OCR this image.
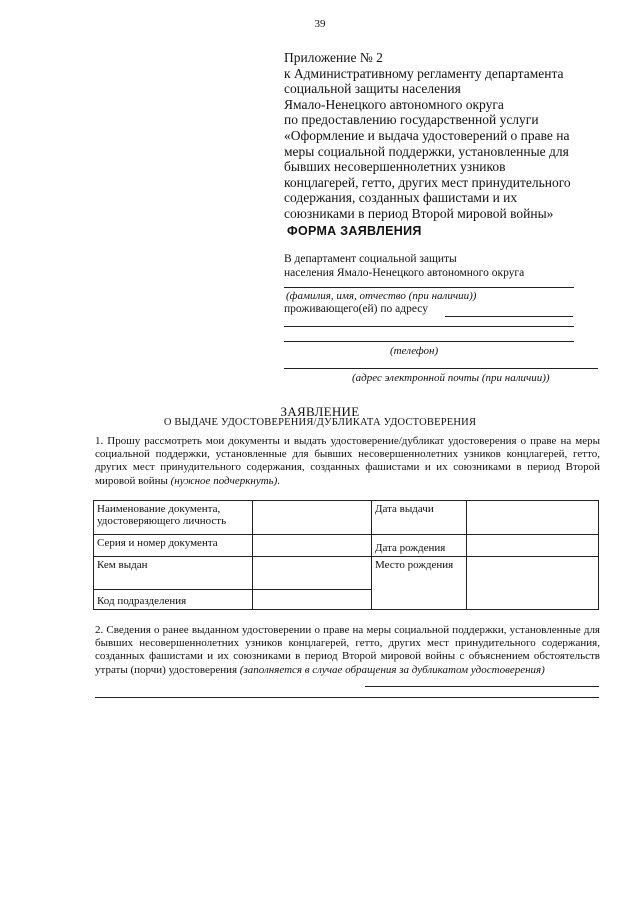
39
Приложение № 2
к Административному регламенту департамента
социальной защиты населения
Ямало-Ненецкого автономного округа
по предоставлению государственной услуги
«Оформление и выдача удостоверений о праве на
меры социальной поддержки, установленные для
бывших несовершеннолетних узников
концлагерей, гетто, других мест принудительного
содержания, созданных фашистами и их
союзниками в период Второй мировой войны»
ФОРМА ЗАЯВЛЕНИЯ
В департамент социальной защиты
населения Ямало-Ненецкого автономного округа
(фамилия, имя, отчество (при наличии))
проживающего(ей) по адресу
(телефон)
(адрес электронной почты (при наличии))
ЗАЯВЛЕНИЕ
О ВЫДАЧЕ УДОСТОВЕРЕНИЯ/ДУБЛИКАТА УДОСТОВЕРЕНИЯ
1. Прошу рассмотреть мои документы и выдать удостоверение/дубликат удостоверения о праве на меры социальной поддержки, установленные для бывших несовершеннолетних узников концлагерей, гетто, других мест принудительного содержания, созданных фашистами и их союзниками в период Второй мировой войны (нужное подчеркнуть).
Наименование документа, удостоверяющего личность		Дата выдачи	
Серия и номер документа		Дата рождения	
Кем выдан		Место рождения	
Код подразделения			
2. Сведения о ранее выданном удостоверении о праве на меры социальной поддержки, установленные для бывших несовершеннолетних узников концлагерей, гетто, других мест принудительного содержания, созданных фашистами и их союзниками в период Второй мировой войны с объяснением обстоятельств утраты (порчи) удостоверения (заполняется в случае обращения за дубликатом удостоверения)
